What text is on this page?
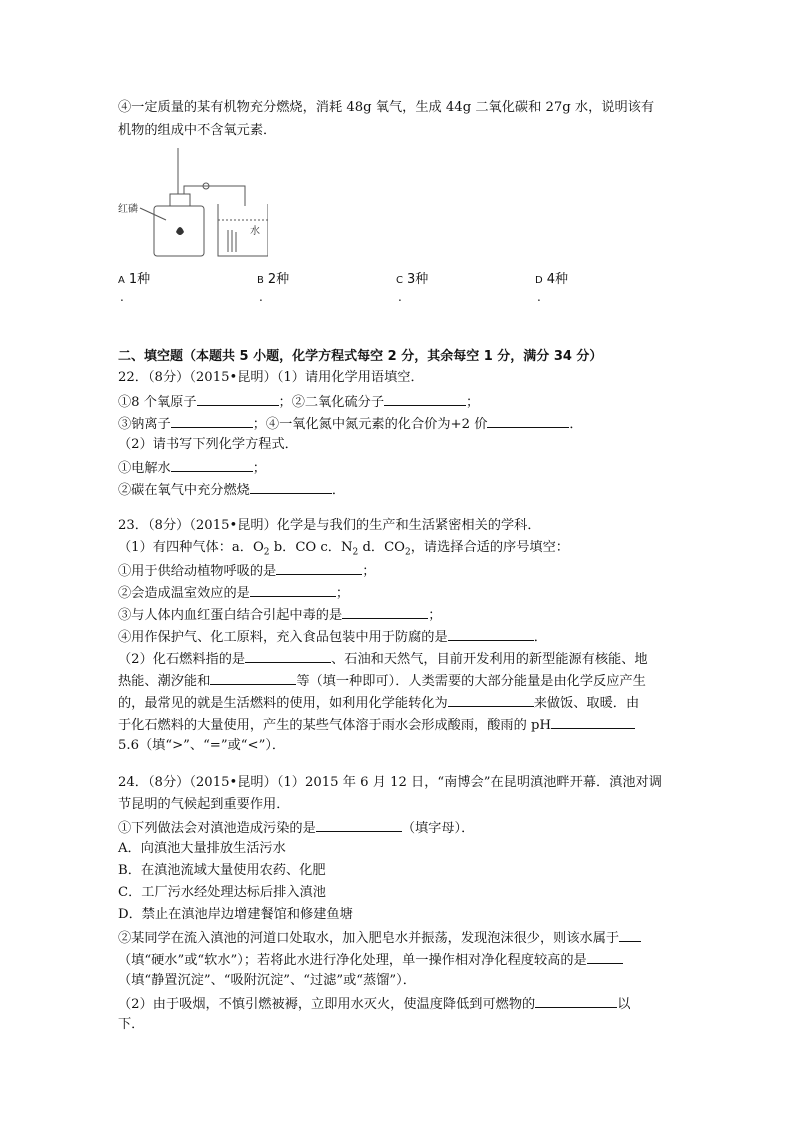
④一定质量的某有机物充分燃烧，消耗 48g 氧气，生成 44g 二氧化碳和 27g 水，说明该有
机物的组成中不含氧元素．
红磷
水
A 1种	B 2种	C 3种	D 4种
.	.	.	.
二、填空题（本题共 5 小题，化学方程式每空 2 分，其余每空 1 分，满分 34 分）
22．（8分）（2015•昆明）（1）请用化学用语填空．
①8 个氧原子	；②二氧化硫分子	；
③钠离子	；④一氧化氮中氮元素的化合价为+2 价	．
（2）请书写下列化学方程式．
①电解水	；
②碳在氧气中充分燃烧	．
23．（8分）（2015•昆明）化学是与我们的生产和生活紧密相关的学科．
（1）有四种气体：a．$O_2$ b．CO c．$N_2$ d．$CO_2$，请选择合适的序号填空：
①用于供给动植物呼吸的是	；
②会造成温室效应的是	；
③与人体内血红蛋白结合引起中毒的是	；
④用作保护气、化工原料，充入食品包装中用于防腐的是	．
（2）化石燃料指的是	、石油和天然气，目前开发利用的新型能源有核能、地
热能、潮汐能和	等（填一种即可）．人类需要的大部分能量是由化学反应产生
的，最常见的就是生活燃料的使用，如利用化学能转化为	来做饭、取暖．由
于化石燃料的大量使用，产生的某些气体溶于雨水会形成酸雨，酸雨的 pH
5.6（填“>”、“=”或“<”）．
24．（8分）（2015•昆明）（1）2015 年 6 月 12 日，“南博会”在昆明滇池畔开幕．滇池对调
节昆明的气候起到重要作用．
①下列做法会对滇池造成污染的是	（填字母）．
A．向滇池大量排放生活污水
B．在滇池流域大量使用农药、化肥
C．工厂污水经处理达标后排入滇池
D．禁止在滇池岸边增建餐馆和修建鱼塘
②某同学在流入滇池的河道口处取水，加入肥皂水并振荡，发现泡沫很少，则该水属于
（填“硬水”或“软水”）；若将此水进行净化处理，单一操作相对净化程度较高的是
（填“静置沉淀”、“吸附沉淀”、“过滤”或“蒸馏”）．
（2）由于吸烟，不慎引燃被褥，立即用水灭火，使温度降低到可燃物的	以
下．
